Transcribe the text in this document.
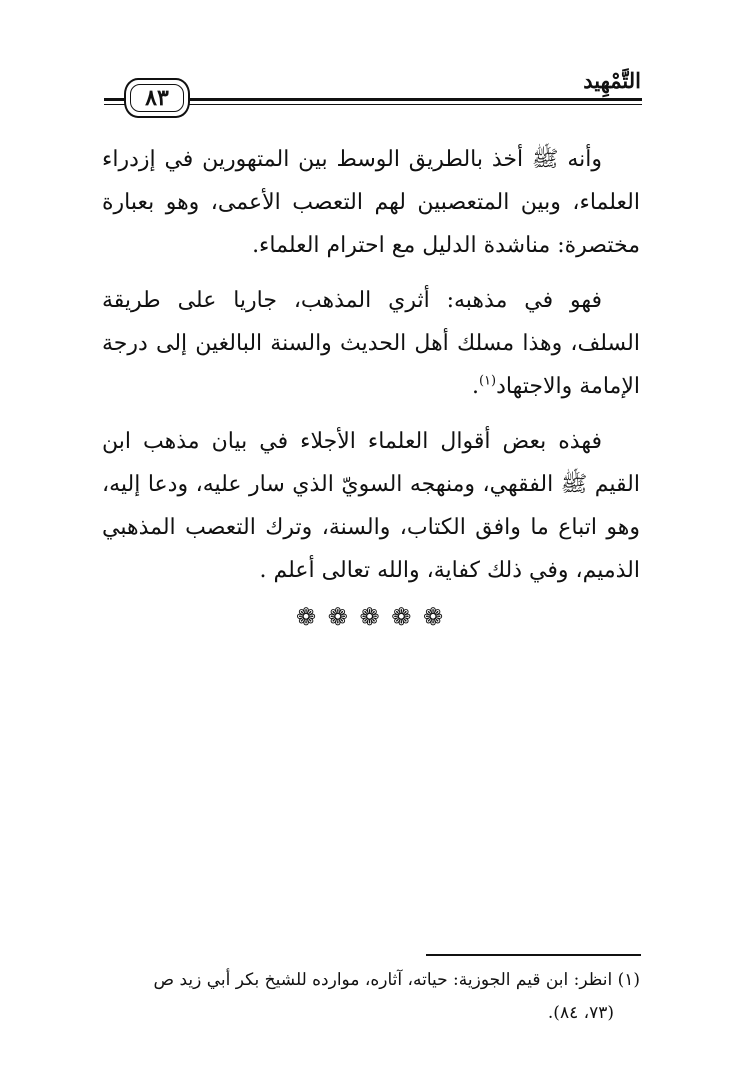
التَّمْهِيد
٨٣

وأنه ﷺ أخذ بالطريق الوسط بين المتهورين في إزدراء العلماء، وبين المتعصبين لهم التعصب الأعمى، وهو بعبارة مختصرة: مناشدة الدليل مع احترام العلماء.

فهو في مذهبه: أثري المذهب، جاريا على طريقة السلف، وهذا مسلك أهل الحديث والسنة البالغين إلى درجة الإمامة والاجتهاد$^{(١)}$.

فهذه بعض أقوال العلماء الأجلاء في بيان مذهب ابن القيم ﷺ الفقهي، ومنهجه السويّ الذي سار عليه، ودعا إليه، وهو اتباع ما وافق الكتاب، والسنة، وترك التعصب المذهبي الذميم، وفي ذلك كفاية، والله تعالى أعلم .

❁ ❁ ❁ ❁ ❁
(١) انظر: ابن قيم الجوزية: حياته، آثاره، موارده للشيخ بكر أبي زيد ص
(٧٣، ٨٤).
